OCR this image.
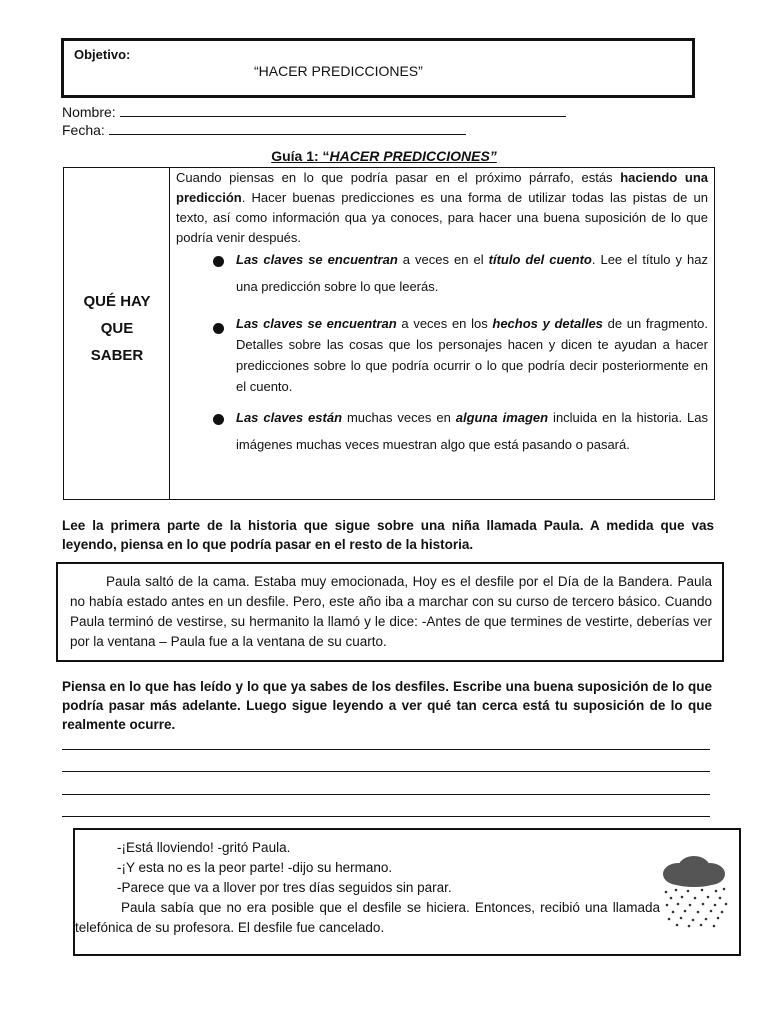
Objetivo:
“HACER PREDICCIONES”
Nombre:
Fecha:
Guía 1: “HACER PREDICCIONES”
QUÉ HAY
QUE
SABER
Cuando piensas en lo que podría pasar en el próximo párrafo, estás haciendo una predicción. Hacer buenas predicciones es una forma de utilizar todas las pistas de un texto, así como información qua ya conoces, para hacer una buena suposición de lo que podría venir después.
Las claves se encuentran a veces en el título del cuento. Lee el título y haz una predicción sobre lo que leerás.
Las claves se encuentran a veces en los hechos y detalles de un fragmento. Detalles sobre las cosas que los personajes hacen y dicen te ayudan a hacer predicciones sobre lo que podría ocurrir o lo que podría decir posteriormente en el cuento.
Las claves están muchas veces en alguna imagen incluida en la historia. Las imágenes muchas veces muestran algo que está pasando o pasará.
Lee la primera parte de la historia que sigue sobre una niña llamada Paula. A medida que vas leyendo, piensa en lo que podría pasar en el resto de la historia.
Paula saltó de la cama. Estaba muy emocionada, Hoy es el desfile por el Día de la Bandera. Paula no había estado antes en un desfile. Pero, este año iba a marchar con su curso de tercero básico. Cuando Paula terminó de vestirse, su hermanito la llamó y le dice: -Antes de que termines de vestirte, deberías ver por la ventana – Paula fue a la ventana de su cuarto.
Piensa en lo que has leído y lo que ya sabes de los desfiles. Escribe una buena suposición de lo que podría pasar más adelante. Luego sigue leyendo a ver qué tan cerca está tu suposición de lo que realmente ocurre.
-¡Está lloviendo! -gritó Paula.
-¡Y esta no es la peor parte! -dijo su hermano.
-Parece que va a llover por tres días seguidos sin parar.
Paula sabía que no era posible que el desfile se hiciera. Entonces, recibió una llamada telefónica de su profesora. El desfile fue cancelado.
